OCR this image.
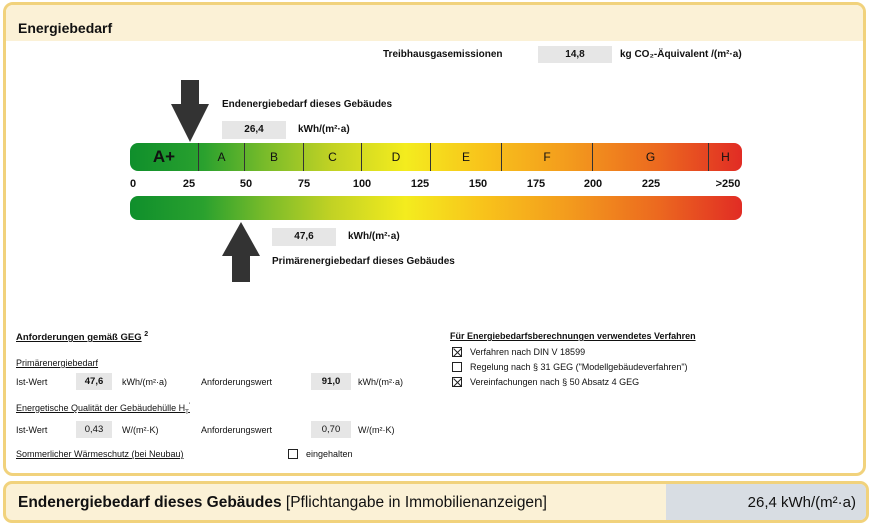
Energiebedarf
Treibhausgasemissionen	14,8	kg CO₂-Äquivalent /(m²·a)
Endenergiebedarf dieses Gebäudes
26,4	kWh/(m²·a)
A+	A	B	C	D	E	F	G	H
0	25	50	75	100	125	150	175	200	225	>250
47,6	kWh/(m²·a)
Primärenergiebedarf dieses Gebäudes
Anforderungen gemäß GEG $^2$
Primärenergiebedarf
Ist-Wert	47,6	kWh/(m²·a)	Anforderungswert	91,0	kWh/(m²·a)
Energetische Qualität der Gebäudehülle $H_T'$
Ist-Wert	0,43	W/(m²·K)	Anforderungswert	0,70	W/(m²·K)
Sommerlicher Wärmeschutz (bei Neubau)	eingehalten
Für Energiebedarfsberechnungen verwendetes Verfahren
Verfahren nach DIN V 18599
Regelung nach § 31 GEG ("Modellgebäudeverfahren")
Vereinfachungen nach § 50 Absatz 4 GEG
Endenergiebedarf dieses Gebäudes [Pflichtangabe in Immobilienanzeigen]	26,4 kWh/(m²·a)
